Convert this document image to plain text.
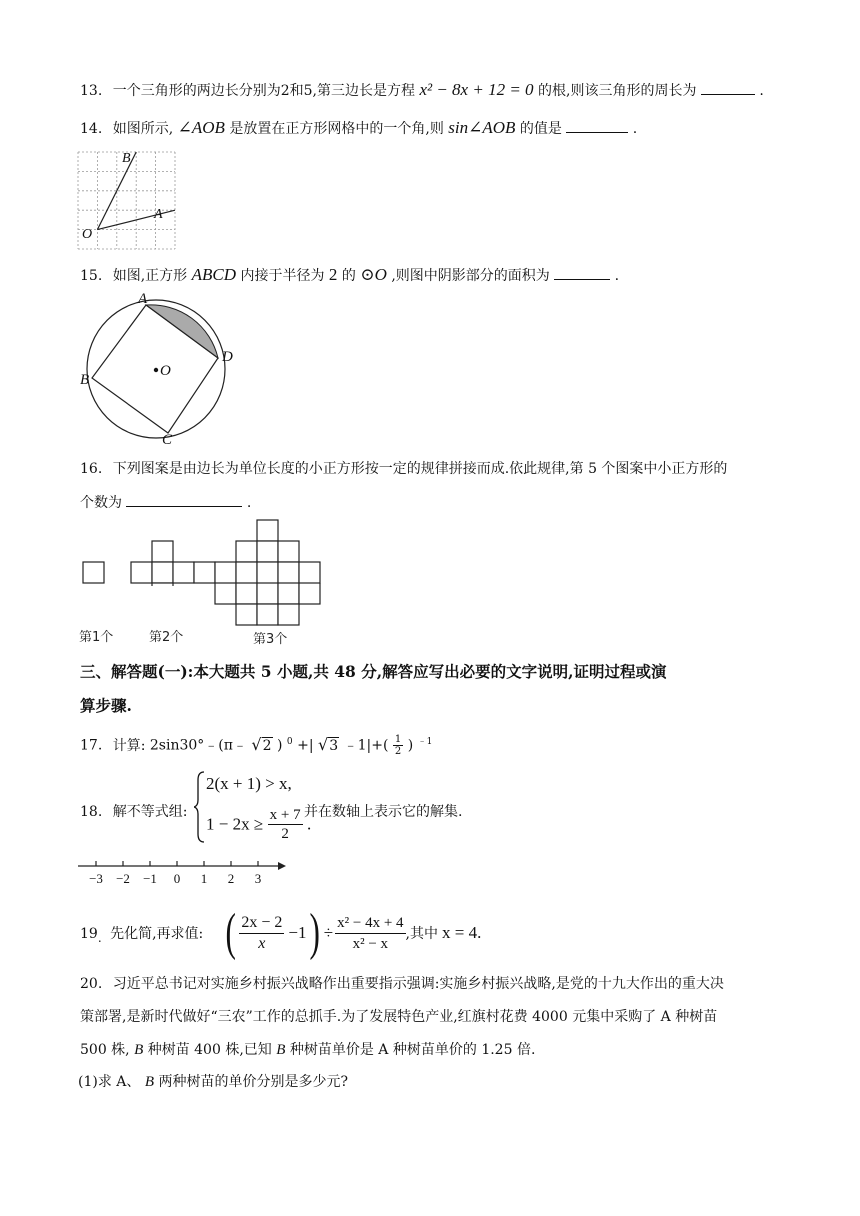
13. 一个三角形的两边长分别为2和5,第三边长是方程 x² − 8x + 12 = 0 的根,则该三角形的周长为	.
14. 如图所示, ∠AOB 是放置在正方形网格中的一个角,则 sin∠AOB 的值是	.
B
A
O
15. 如图,正方形 ABCD 内接于半径为 2 的 ⊙O ,则图中阴影部分的面积为	.
O
A
B
C
D
16. 下列图案是由边长为单位长度的小正方形按一定的规律拼接而成.依此规律,第 5 个图案中小正方形的
个数为	.
第1个	第2个	第3个
三、解答题(一):本大题共 5 小题,共 48 分,解答应写出必要的文字说明,证明过程或演
算步骤.
17. 计算: 2sin30°﹣(π﹣ √2 ) $^0$ +| √3 ﹣1|+( $\frac{1}{2}$ ) $^{﹣1}$
18. 解不等式组:
2(x + 1) > x,
$1 - 2x \ge \frac{x + 7}{2}$ .
并在数轴上表示它的解集.
−3 −2 −1 0 1 2 3
$19_.$ 先化简,再求值: ( $\frac{2x - 2}{x} -1$ ) ÷ $\frac{\text{x² − 4x + 4}}{\text{x² − x}}$ ,其中 x = 4.
20. 习近平总书记对实施乡村振兴战略作出重要指示强调:实施乡村振兴战略,是党的十九大作出的重大决
策部署,是新时代做好“三农”工作的总抓手.为了发展特色产业,红旗村花费 4000 元集中采购了 A 种树苗
500 株, B 种树苗 400 株,已知 B 种树苗单价是 A 种树苗单价的 1.25 倍.
(1)求 A、 B 两种树苗的单价分别是多少元?
